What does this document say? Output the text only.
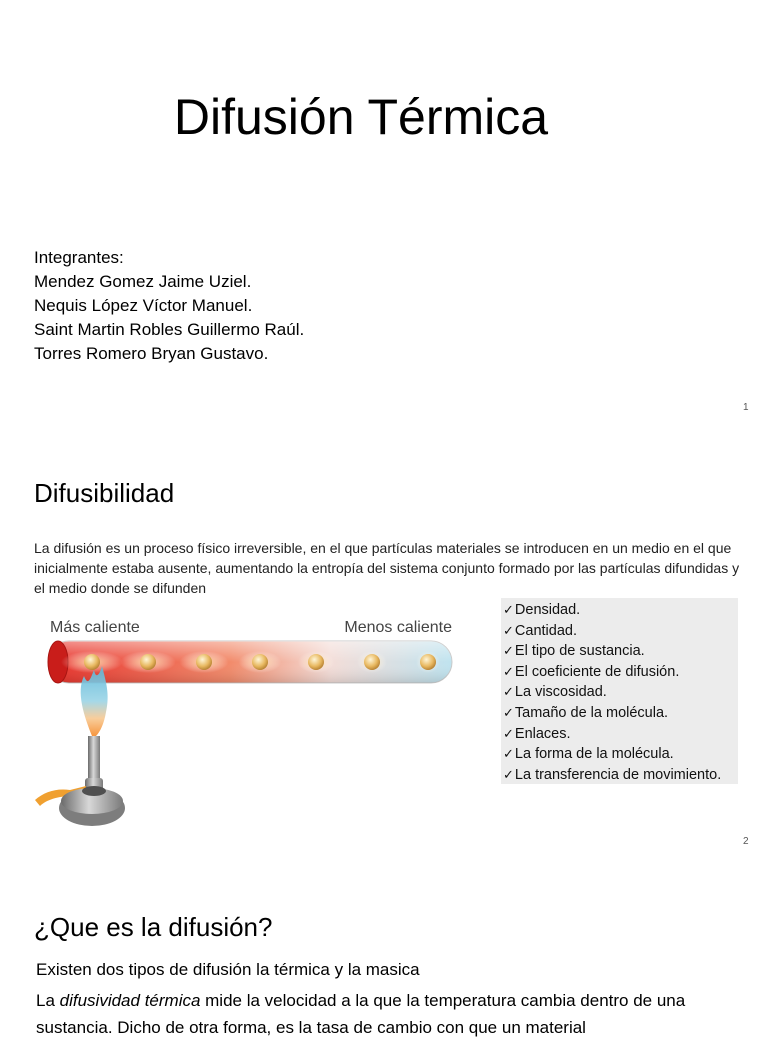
Difusión Térmica
Integrantes:
Mendez Gomez Jaime Uziel.
Nequis López Víctor Manuel.
Saint Martin Robles Guillermo Raúl.
Torres Romero Bryan Gustavo.
1
Difusibilidad
La difusión es un proceso físico irreversible, en el que partículas materiales se introducen en un medio en el que inicialmente estaba ausente, aumentando la entropía del sistema conjunto formado por las partículas difundidas y el medio donde se difunden
Más caliente	Menos caliente
✓Densidad.
✓Cantidad.
✓El tipo de sustancia.
✓El coeficiente de difusión.
✓La viscosidad.
✓Tamaño de la molécula.
✓Enlaces.
✓La forma de la molécula.
✓La transferencia de movimiento.
2
¿Que es la difusión?
Existen dos tipos de difusión la térmica y la masica
La difusividad térmica mide la velocidad a la que la temperatura cambia dentro de una sustancia. Dicho de otra forma, es la tasa de cambio con que un material
